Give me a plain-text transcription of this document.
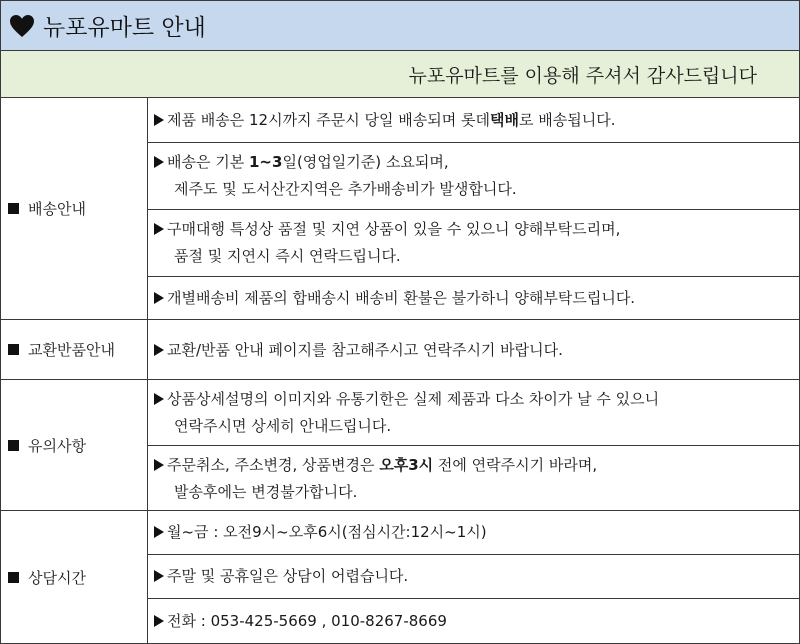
뉴포유마트 안내
뉴포유마트를 이용해 주셔서 감사드립니다
배송안내
제품 배송은 12시까지 주문시 당일 배송되며 롯데택배로 배송됩니다.
배송은 기본 1~3일(영업일기준) 소요되며,
제주도 및 도서산간지역은 추가배송비가 발생합니다.
구매대행 특성상 품절 및 지연 상품이 있을 수 있으니 양해부탁드리며,
품절 및 지연시 즉시 연락드립니다.
개별배송비 제품의 합배송시 배송비 환불은 불가하니 양해부탁드립니다.
교환반품안내	교환/반품 안내 페이지를 참고해주시고 연락주시기 바랍니다.
유의사항
상품상세설명의 이미지와 유통기한은 실제 제품과 다소 차이가 날 수 있으니
연락주시면 상세히 안내드립니다.
주문취소, 주소변경, 상품변경은 오후3시 전에 연락주시기 바라며,
발송후에는 변경불가합니다.
상담시간
월~금 : 오전9시~오후6시(점심시간:12시~1시)
주말 및 공휴일은 상담이 어렵습니다.
전화 : 053-425-5669 , 010-8267-8669
